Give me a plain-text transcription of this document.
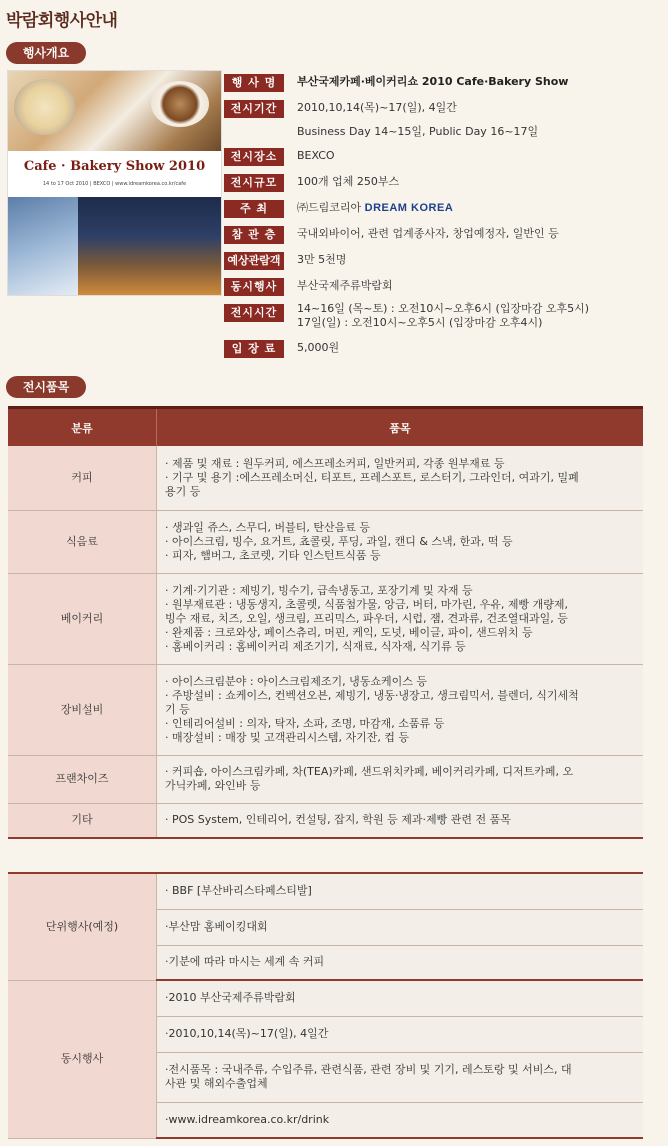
박람회행사안내
행사개요
Cafe · Bakery Show 2010
14 to 17 Oct 2010 | BEXCO | www.idreamkorea.co.kr/cafe
행 사 명	부산국제카페·베이커리쇼 2010 Cafe·Bakery Show
전시기간	2010,10,14(목)~17(일), 4일간
Business Day 14~15일, Public Day 16~17일
전시장소	BEXCO
전시규모	100개 업체 250부스
주 최	㈜드림코리아 DREAM KOREA
참 관 층	국내외바이어, 관련 업계종사자, 창업예정자, 일반인 등
예상관람객	3만 5천명
동시행사	부산국제주류박람회
전시시간	14~16일 (목~토) : 오전10시~오후6시 (입장마감 오후5시)
17일(일) : 오전10시~오후5시 (입장마감 오후4시)
입 장 료	5,000원
전시품목
분류	품목
커피	· 제품 및 재료 : 원두커피, 에스프레소커피, 일반커피, 각종 원부재료 등
· 기구 및 용기 :에스프레소머신, 티포트, 프레스포트, 로스터기, 그라인더, 여과기, 밀폐
용기 등

식음료	· 생과일 쥬스, 스무디, 버블티, 탄산음료 등
· 아이스크림, 빙수, 요거트, 쵸콜릿, 푸딩, 과일, 캔디 & 스낵, 한과, 떡 등
· 피자, 햄버그, 초코렛, 기타 인스턴트식품 등

베이커리	· 기계·기기관 : 제빙기, 빙수기, 급속냉동고, 포장기계 및 자재 등
· 원부재료관 : 냉동생지, 초콜렛, 식품첨가물, 앙금, 버터, 마가린, 우유, 제빵 개량제,
빙수 재료, 치즈, 오일, 생크림, 프리믹스, 파우더, 시럽, 잼, 견과류, 건조열대과일, 등
· 완제품 : 크로와상, 페이스츄리, 머핀, 케익, 도넛, 베이글, 파이, 샌드위치 등
· 홈베이커리 : 홈베이커리 제조기기, 식재료, 식자재, 식기류 등

장비설비	· 아이스크림분야 : 아이스크림제조기, 냉동쇼케이스 등
· 주방설비 : 쇼케이스, 컨벡션오븐, 제빙기, 냉동·냉장고, 생크림믹서, 블렌더, 식기세척
기 등
· 인테리어설비 : 의자, 탁자, 소파, 조명, 마감재, 소품류 등
· 매장설비 : 매장 및 고객관리시스템, 자기잔, 컵 등

프랜차이즈	· 커피숍, 아이스크림카페, 차(TEA)카페, 샌드위치카페, 베이커리카페, 디저트카페, 오
가닉카페, 와인바 등

기타	· POS System, 인테리어, 컨설팅, 잡지, 학원 등 제과·제빵 관련 전 품목
단위행사(예정)	· BBF [부산바리스타페스티발]
	·부산맘 홈베이킹대회
	·기분에 따라 마시는 세계 속 커피
동시행사	·2010 부산국제주류박람회
	·2010,10,14(목)~17(일), 4일간

	·전시품목 : 국내주류, 수입주류, 관련식품, 관련 장비 및 기기, 레스토랑 및 서비스, 대
사관 및 해외수출업체

	·www.idreamkorea.co.kr/drink
